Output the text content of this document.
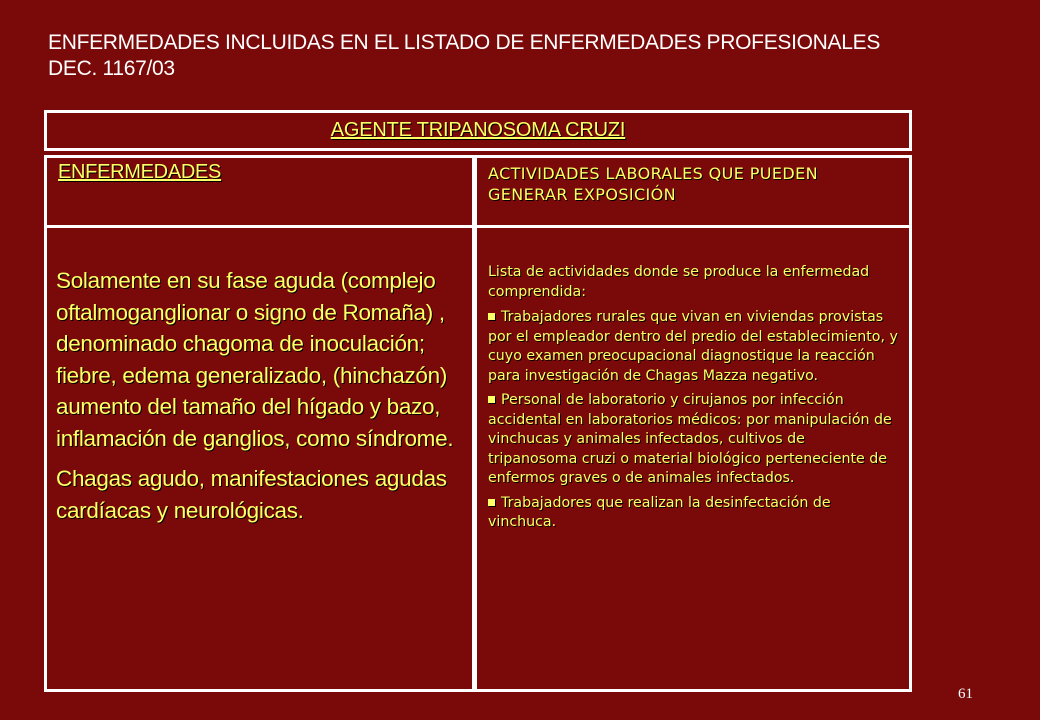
ENFERMEDADES INCLUIDAS EN EL LISTADO DE ENFERMEDADES PROFESIONALES
DEC. 1167/03
AGENTE TRIPANOSOMA CRUZI
ENFERMEDADES	ACTIVIDADES LABORALES QUE PUEDEN GENERAR EXPOSICIÓN

Solamente en su fase aguda (complejo oftalmoganglionar o signo de Romaña) , denominado chagoma de inoculación; fiebre, edema generalizado, (hinchazón) aumento del tamaño del hígado y bazo, inflamación de ganglios, como síndrome.

Chagas agudo, manifestaciones agudas cardíacas y neurológicas.

Lista de actividades donde se produce la enfermedad comprendida:

Trabajadores rurales que vivan en viviendas provistas por el empleador dentro del predio del establecimiento, y cuyo examen preocupacional diagnostique la reacción para investigación de Chagas Mazza negativo.

Personal de laboratorio y cirujanos por infección accidental en laboratorios médicos: por manipulación de vinchucas y animales infectados, cultivos de tripanosoma cruzi o material biológico perteneciente de enfermos graves o de animales infectados.

Trabajadores que realizan la desinfectación de vinchuca.

61
